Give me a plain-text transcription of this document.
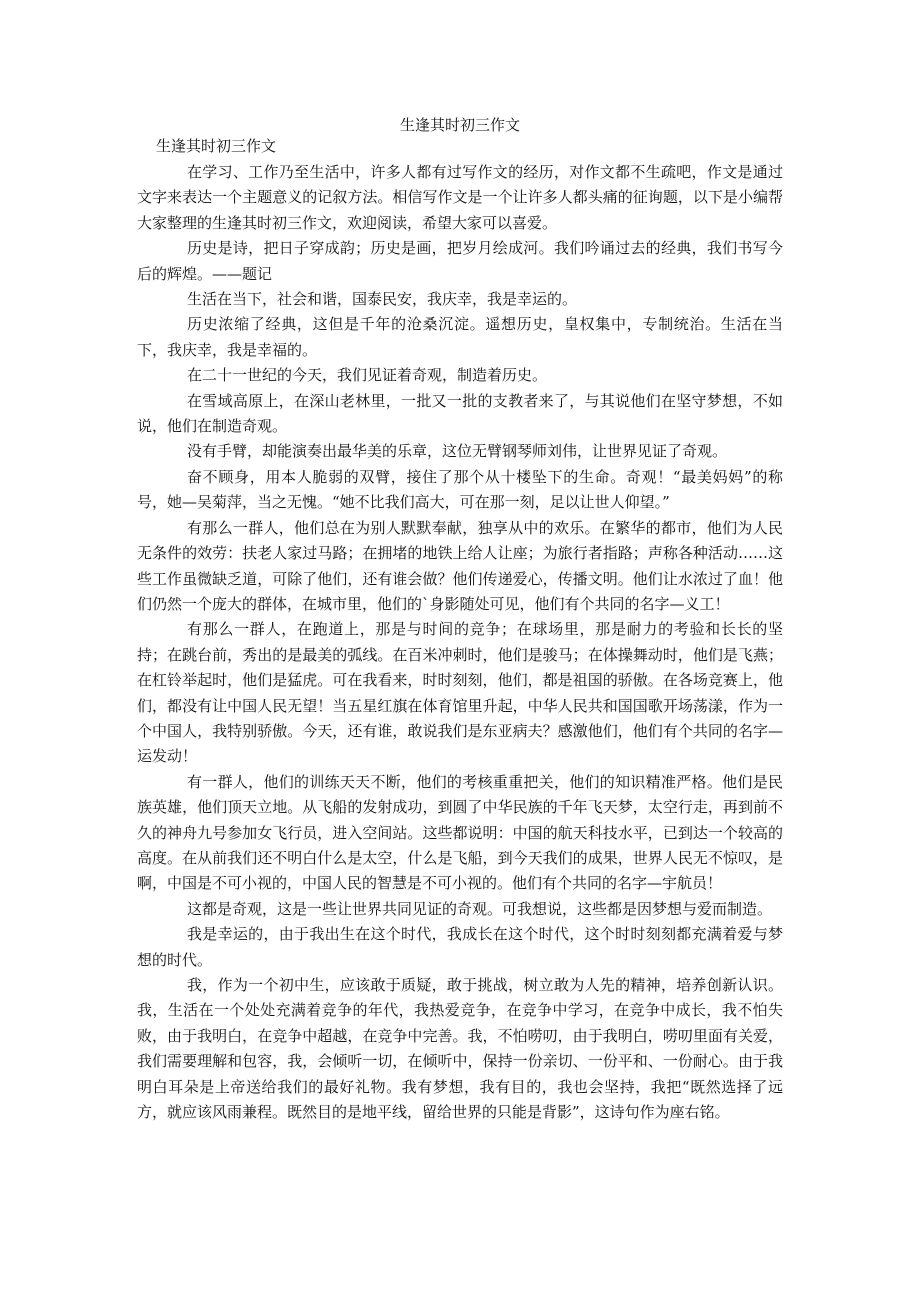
生逢其时初三作文
生逢其时初三作文

在学习、工作乃至生活中，许多人都有过写作文的经历，对作文都不生疏吧，作文是通过文字来表达一个主题意义的记叙方法。相信写作文是一个让许多人都头痛的征询题，以下是小编帮大家整理的生逢其时初三作文，欢迎阅读，希望大家可以喜爱。

历史是诗，把日子穿成韵；历史是画，把岁月绘成河。我们吟诵过去的经典，我们书写今后的辉煌。——题记

生活在当下，社会和谐，国泰民安，我庆幸，我是幸运的。

历史浓缩了经典，这但是千年的沧桑沉淀。遥想历史，皇权集中，专制统治。生活在当下，我庆幸，我是幸福的。

在二十一世纪的今天，我们见证着奇观，制造着历史。

在雪域高原上，在深山老林里，一批又一批的支教者来了，与其说他们在坚守梦想，不如说，他们在制造奇观。

没有手臂，却能演奏出最华美的乐章，这位无臂钢琴师刘伟，让世界见证了奇观。

奋不顾身，用本人脆弱的双臂，接住了那个从十楼坠下的生命。奇观！“最美妈妈”的称号，她—吴菊萍，当之无愧。“她不比我们高大，可在那一刻，足以让世人仰望。”

有那么一群人，他们总在为别人默默奉献，独享从中的欢乐。在繁华的都市，他们为人民无条件的效劳：扶老人家过马路；在拥堵的地铁上给人让座；为旅行者指路；声称各种活动……这些工作虽微缺乏道，可除了他们，还有谁会做？他们传递爱心，传播文明。他们让水浓过了血！他们仍然一个庞大的群体，在城市里，他们的`身影随处可见，他们有个共同的名字—义工！

有那么一群人，在跑道上，那是与时间的竞争；在球场里，那是耐力的考验和长长的坚持；在跳台前，秀出的是最美的弧线。在百米冲刺时，他们是骏马；在体操舞动时，他们是飞燕；在杠铃举起时，他们是猛虎。可在我看来，时时刻刻，他们，都是祖国的骄傲。在各场竞赛上，他们，都没有让中国人民无望！当五星红旗在体育馆里升起，中华人民共和国国歌开场荡漾，作为一个中国人，我特别骄傲。今天，还有谁，敢说我们是东亚病夫？感激他们，他们有个共同的名字—运发动！

有一群人，他们的训练天天不断，他们的考核重重把关，他们的知识精准严格。他们是民族英雄，他们顶天立地。从飞船的发射成功，到圆了中华民族的千年飞天梦，太空行走，再到前不久的神舟九号参加女飞行员，进入空间站。这些都说明：中国的航天科技水平，已到达一个较高的高度。在从前我们还不明白什么是太空，什么是飞船，到今天我们的成果，世界人民无不惊叹，是啊，中国是不可小视的，中国人民的智慧是不可小视的。他们有个共同的名字—宇航员！

这都是奇观，这是一些让世界共同见证的奇观。可我想说，这些都是因梦想与爱而制造。

我是幸运的，由于我出生在这个时代，我成长在这个时代，这个时时刻刻都充满着爱与梦想的时代。

我，作为一个初中生，应该敢于质疑，敢于挑战，树立敢为人先的精神，培养创新认识。我，生活在一个处处充满着竞争的年代，我热爱竞争，在竞争中学习，在竞争中成长，我不怕失败，由于我明白，在竞争中超越，在竞争中完善。我，不怕唠叨，由于我明白，唠叨里面有关爱，我们需要理解和包容，我，会倾听一切，在倾听中，保持一份亲切、一份平和、一份耐心。由于我明白耳朵是上帝送给我们的最好礼物。我有梦想，我有目的，我也会坚持，我把“既然选择了远方，就应该风雨兼程。既然目的是地平线，留给世界的只能是背影”，这诗句作为座右铭。
